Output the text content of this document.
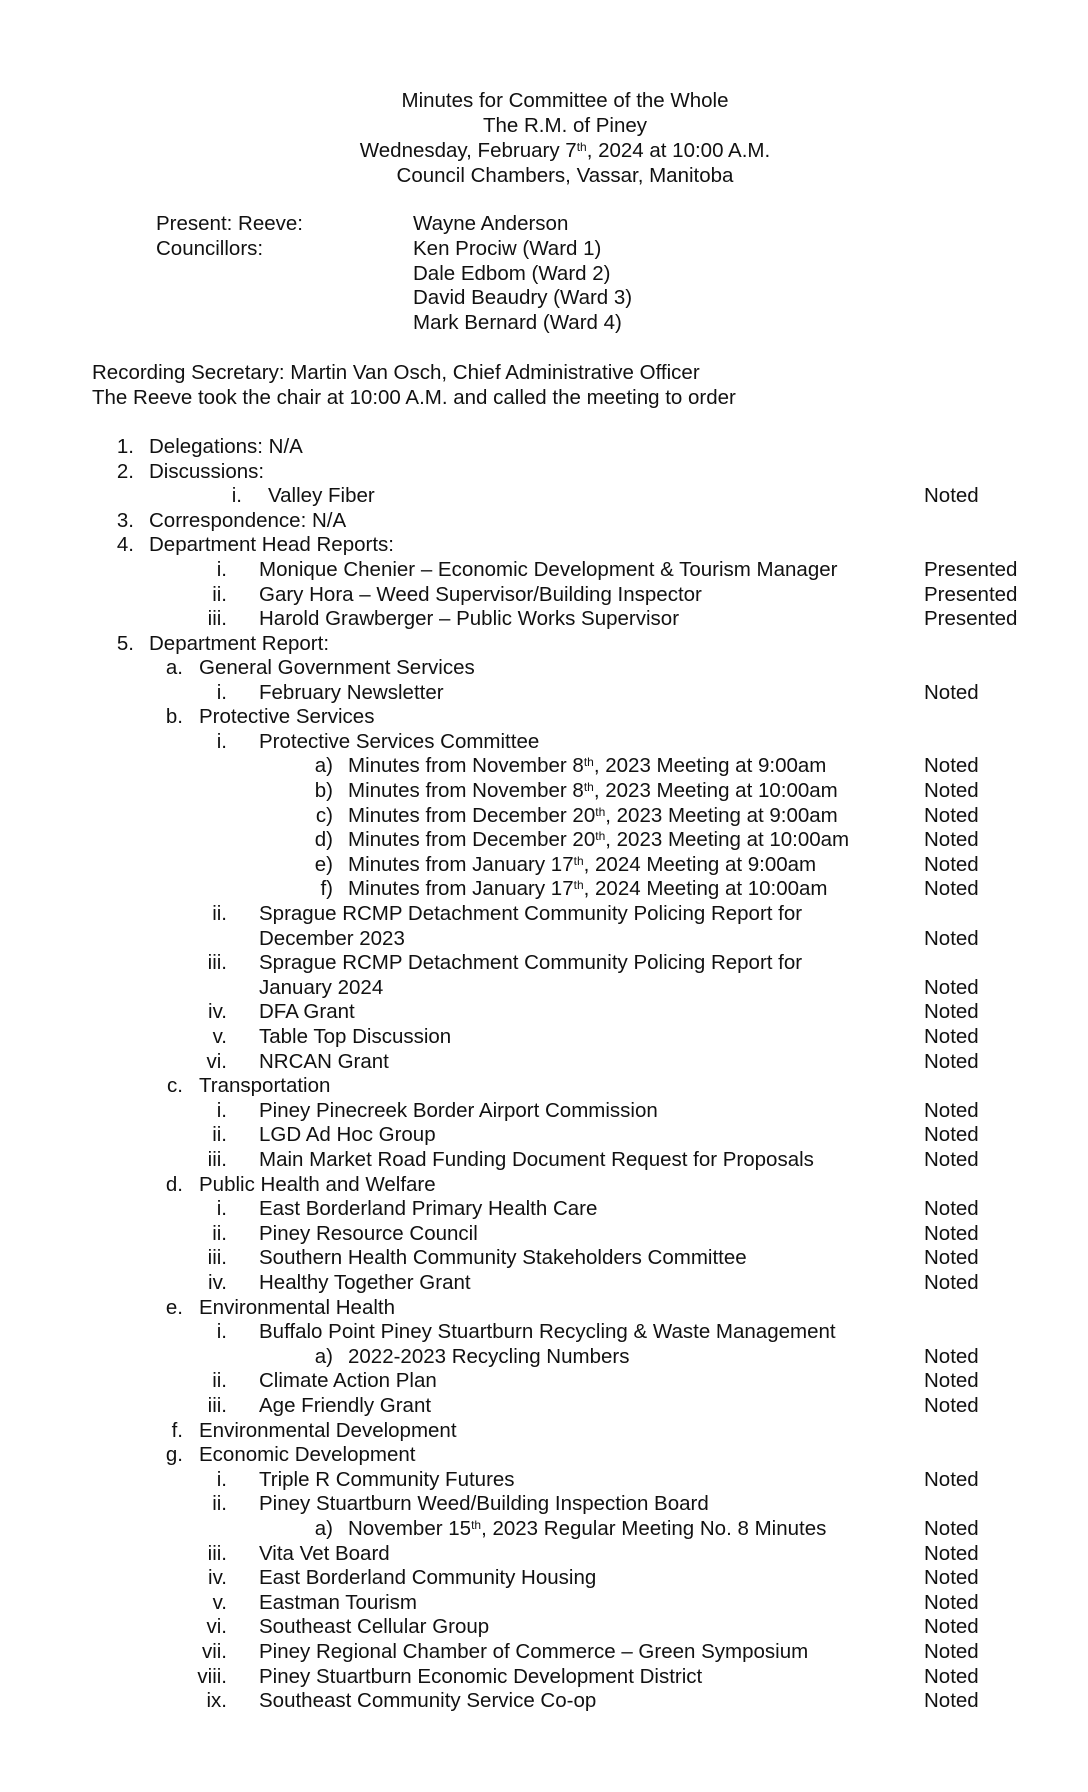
Minutes for Committee of the Whole
The R.M. of Piney
Wednesday, February 7th, 2024 at 10:00 A.M.
Council Chambers, Vassar, Manitoba
Present: Reeve:	Wayne Anderson
Councillors:	Ken Prociw (Ward 1)
Dale Edbom (Ward 2)
David Beaudry (Ward 3)
Mark Bernard (Ward 4)
Recording Secretary: Martin Van Osch, Chief Administrative Officer
The Reeve took the chair at 10:00 A.M. and called the meeting to order
1. Delegations: N/A
2. Discussions:
i. Valley Fiber	Noted
3. Correspondence: N/A
4. Department Head Reports:
i. Monique Chenier – Economic Development & Tourism Manager	Presented
ii. Gary Hora – Weed Supervisor/Building Inspector	Presented
iii. Harold Grawberger – Public Works Supervisor	Presented
5. Department Report:
a. General Government Services
i. February Newsletter	Noted
b. Protective Services
i. Protective Services Committee
a) Minutes from November 8th, 2023 Meeting at 9:00am	Noted
b) Minutes from November 8th, 2023 Meeting at 10:00am	Noted
c) Minutes from December 20th, 2023 Meeting at 9:00am	Noted
d) Minutes from December 20th, 2023 Meeting at 10:00am	Noted
e) Minutes from January 17th, 2024 Meeting at 9:00am	Noted
f) Minutes from January 17th, 2024 Meeting at 10:00am	Noted
ii. Sprague RCMP Detachment Community Policing Report for
December 2023	Noted
iii. Sprague RCMP Detachment Community Policing Report for
January 2024	Noted
iv. DFA Grant	Noted
v. Table Top Discussion	Noted
vi. NRCAN Grant	Noted
c. Transportation
i. Piney Pinecreek Border Airport Commission	Noted
ii. LGD Ad Hoc Group	Noted
iii. Main Market Road Funding Document Request for Proposals	Noted
d. Public Health and Welfare
i. East Borderland Primary Health Care	Noted
ii. Piney Resource Council	Noted
iii. Southern Health Community Stakeholders Committee	Noted
iv. Healthy Together Grant	Noted
e. Environmental Health
i. Buffalo Point Piney Stuartburn Recycling & Waste Management
a) 2022-2023 Recycling Numbers	Noted
ii. Climate Action Plan	Noted
iii. Age Friendly Grant	Noted
f. Environmental Development
g. Economic Development
i. Triple R Community Futures	Noted
ii. Piney Stuartburn Weed/Building Inspection Board
a) November 15th, 2023 Regular Meeting No. 8 Minutes	Noted
iii. Vita Vet Board	Noted
iv. East Borderland Community Housing	Noted
v. Eastman Tourism	Noted
vi. Southeast Cellular Group	Noted
vii. Piney Regional Chamber of Commerce – Green Symposium	Noted
viii. Piney Stuartburn Economic Development District	Noted
ix. Southeast Community Service Co-op	Noted
